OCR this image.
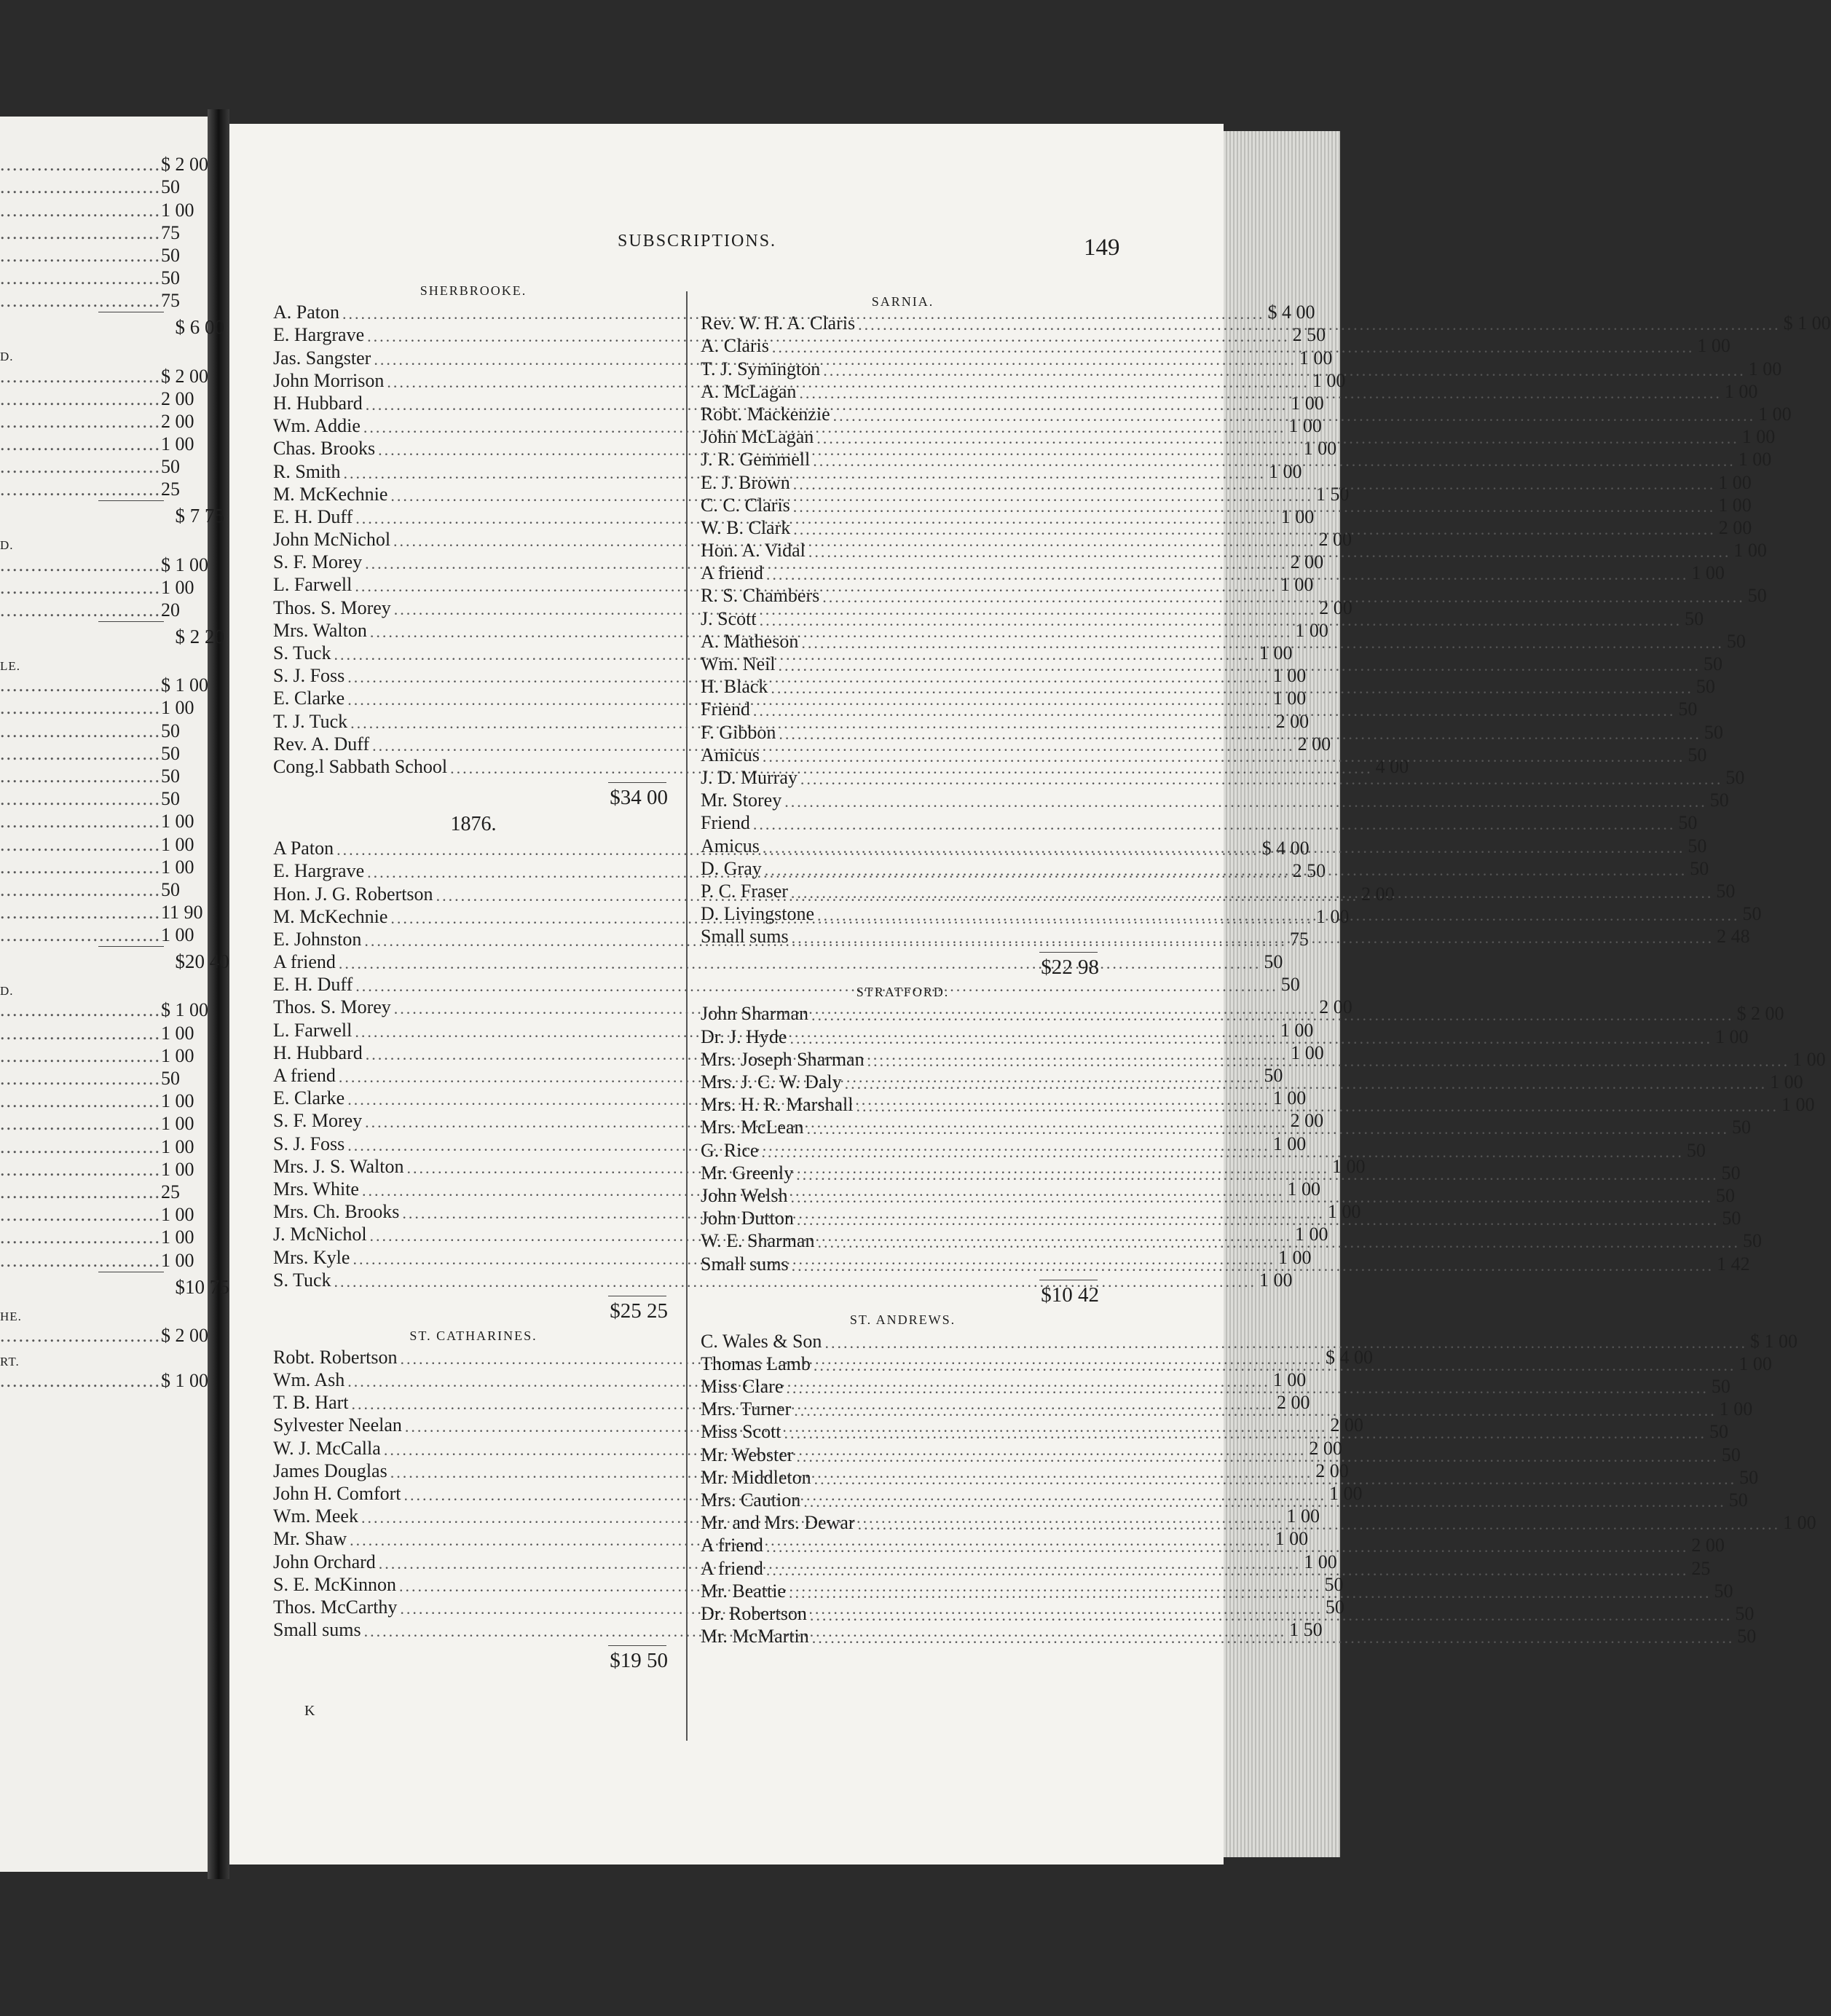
.......................... $ 2 00
.......................... 50
.......................... 1 00
.......................... 75
.......................... 50
.......................... 50
.......................... 75
$ 6 00
D.
.......................... $ 2 00
.......................... 2 00
.......................... 2 00
.......................... 1 00
.......................... 50
.......................... 25
$ 7 75
D.
.......................... $ 1 00
.......................... 1 00
.......................... 20
$ 2 20
LE.
.......................... $ 1 00
.......................... 1 00
.......................... 50
.......................... 50
.......................... 50
.......................... 50
.......................... 1 00
.......................... 1 00
.......................... 1 00
.......................... 50
.......................... 11 90
.......................... 1 00
$20 40
D.
.......................... $ 1 00
.......................... 1 00
.......................... 1 00
.......................... 50
.......................... 1 00
.......................... 1 00
.......................... 1 00
.......................... 1 00
.......................... 25
.......................... 1 00
.......................... 1 00
.......................... 1 00
$10 75
HE.
.......................... $ 2 00
RT.
.......................... $ 1 00
SUBSCRIPTIONS.	149
SHERBROOKE.
A. Paton .....	$ 4 00
E. Hargrave .....	2 50
Jas. Sangster .....	1 00
John Morrison .....	1 00
H. Hubbard .....	1 00
Wm. Addie .....	1 00
Chas. Brooks .....	1 00
R. Smith .....	1 00
M. McKechnie .....	1 50
E. H. Duff .....	1 00
John McNichol .....	2 00
S. F. Morey .....	2 00
L. Farwell .....	1 00
Thos. S. Morey .....	2 00
Mrs. Walton .....	1 00
S. Tuck .....	1 00
S. J. Foss .....	1 00
E. Clarke .....	1 00
T. J. Tuck .....	2 00
Rev. A. Duff .....	2 00
Cong.l Sabbath School .....	4 00
$34 00
1876.
A Paton .....	$ 4 00
E. Hargrave .....	2 50
Hon. J. G. Robertson .....	2 00
M. McKechnie .....	1 00
E. Johnston .....	75
A friend .....	50
E. H. Duff .....	50
Thos. S. Morey .....	2 00
L. Farwell .....	1 00
H. Hubbard .....	1 00
A friend .....	50
E. Clarke .....	1 00
S. F. Morey .....	2 00
S. J. Foss .....	1 00
Mrs. J. S. Walton .....	1 00
Mrs. White .....	1 00
Mrs. Ch. Brooks .....	1 00
J. McNichol .....	1 00
Mrs. Kyle .....	1 00
S. Tuck .....	1 00
$25 25
ST. CATHARINES.
Robt. Robertson .....	$ 4 00
Wm. Ash .....	1 00
T. B. Hart .....	2 00
Sylvester Neelan .....	2 00
W. J. McCalla .....	2 00
James Douglas .....	2 00
John H. Comfort .....	1 00
Wm. Meek .....	1 00
Mr. Shaw .....	1 00
John Orchard .....	1 00
S. E. McKinnon .....	50
Thos. McCarthy .....	50
Small sums .....	1 50
$19 50
SARNIA.
Rev. W. H. A. Claris .....	$ 1 00
A. Claris .....	1 00
T. J. Symington .....	1 00
A. McLagan .....	1 00
Robt. Mackenzie .....	1 00
John McLagan .....	1 00
J. R. Gemmell .....	1 00
E. J. Brown .....	1 00
C. C. Claris .....	1 00
W. B. Clark .....	2 00
Hon. A. Vidal .....	1 00
A friend .....	1 00
R. S. Chambers .....	50
J. Scott .....	50
A. Matheson .....	50
Wm. Neil .....	50
H. Black .....	50
Friend .....	50
F. Gibbon .....	50
Amicus .....	50
J. D. Murray .....	50
Mr. Storey .....	50
Friend .....	50
Amicus .....	50
D. Gray .....	50
P. C. Fraser .....	50
D. Livingstone .....	50
Small sums .....	2 48
$22 98
STRATFORD.
John Sharman .....	$ 2 00
Dr. J. Hyde .....	1 00
Mrs. Joseph Sharman .....	1 00
Mrs. J. C. W. Daly .....	1 00
Mrs. H. R. Marshall .....	1 00
Mrs. McLean .....	50
G. Rice .....	50
Mr. Greenly .....	50
John Welsh .....	50
John Dutton .....	50
W. E. Sharman .....	50
Small sums .....	1 42
$10 42
ST. ANDREWS.
C. Wales & Son .....	$ 1 00
Thomas Lamb .....	1 00
Miss Clare .....	50
Mrs. Turner .....	1 00
Miss Scott .....	50
Mr. Webster .....	50
Mr. Middleton .....	50
Mrs. Caution .....	50
Mr. and Mrs. Dewar .....	1 00
A friend .....	2 00
A friend .....	25
Mr. Beattie .....	50
Dr. Robertson .....	50
Mr. McMartin .....	50
K
